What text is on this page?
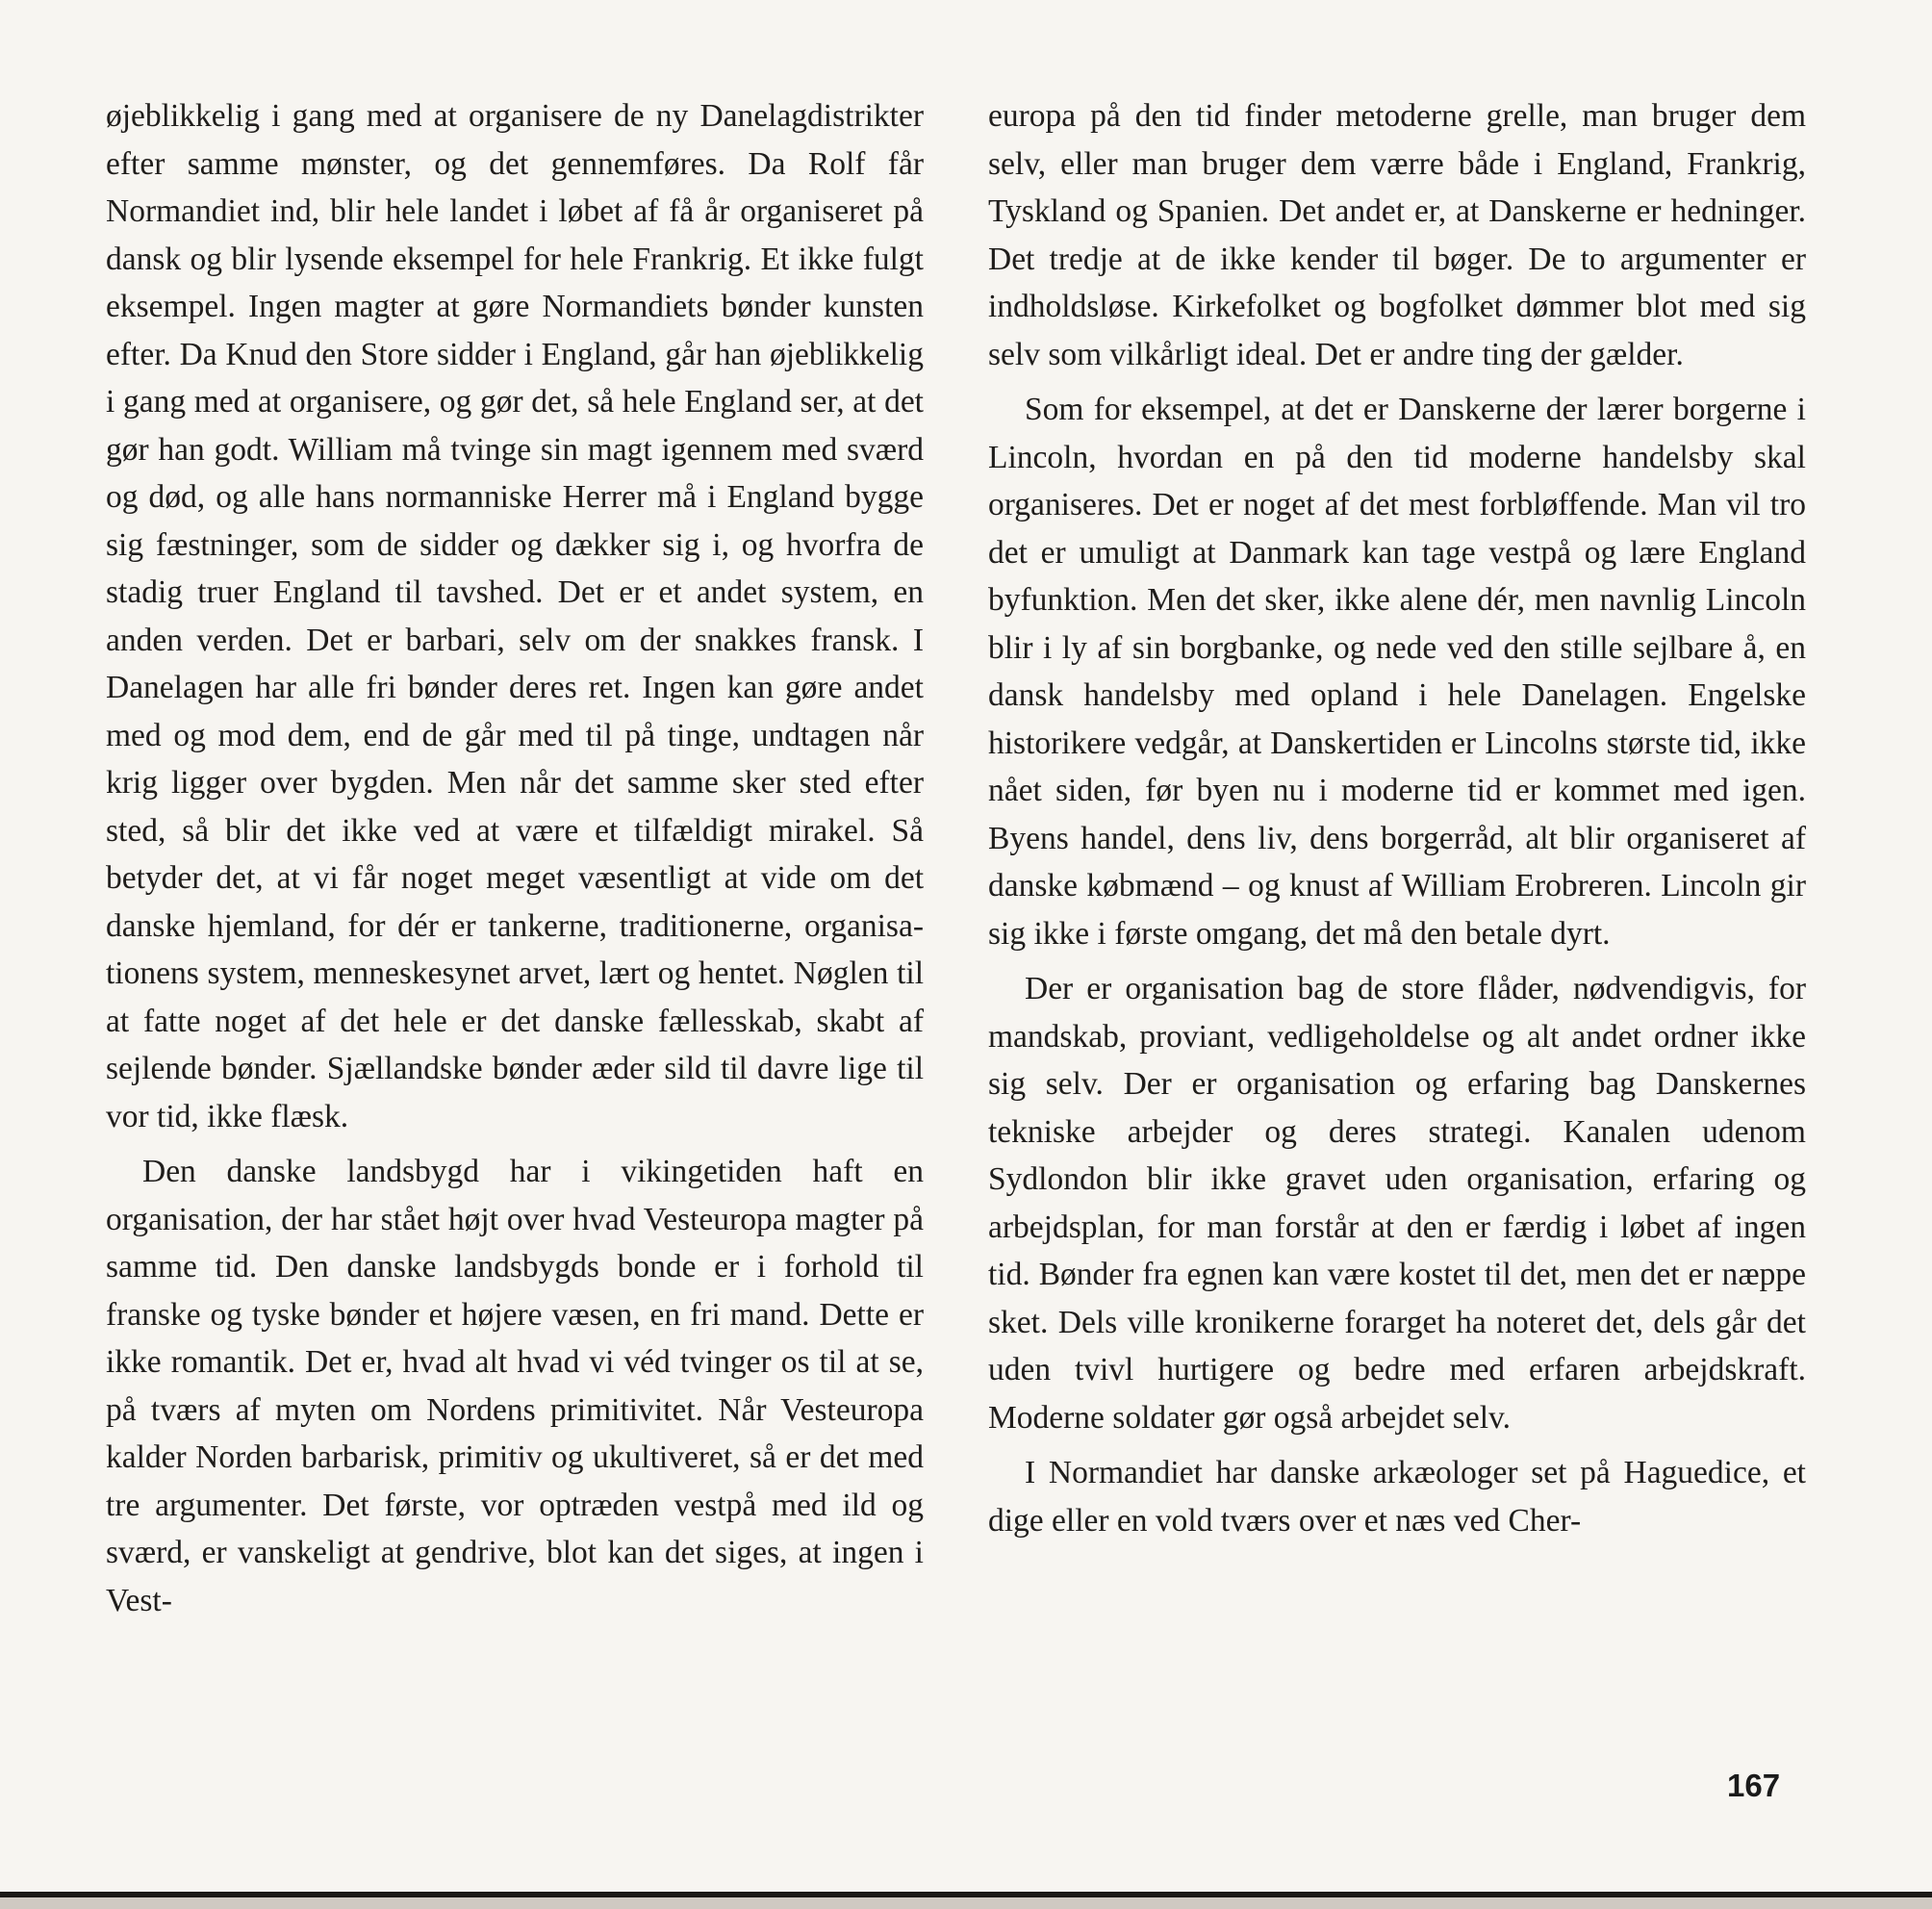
øjeblikkelig i gang med at organisere de ny Danelagdistrikter efter samme mønster, og det gennemføres. Da Rolf får Normandiet ind, blir hele landet i løbet af få år organiseret på dansk og blir lysende eksempel for hele Frankrig. Et ikke fulgt eksempel. Ingen magter at gøre Normandiets bønder kunsten efter. Da Knud den Store sidder i England, går han øjeblikkelig i gang med at organisere, og gør det, så hele England ser, at det gør han godt. William må tvinge sin magt igennem med sværd og død, og alle hans normanniske Herrer må i England bygge sig fæstninger, som de sidder og dækker sig i, og hvorfra de stadig truer England til tavshed. Det er et andet system, en anden verden. Det er barbari, selv om der snakkes fransk. I Danelagen har alle fri bønder deres ret. Ingen kan gøre andet med og mod dem, end de går med til på tinge, undtagen når krig ligger over bygden. Men når det samme sker sted efter sted, så blir det ikke ved at være et tilfældigt mirakel. Så betyder det, at vi får noget meget væsentligt at vide om det danske hjemland, for dér er tankerne, traditionerne, organisationens system, menneskesynet arvet, lært og hentet. Nøglen til at fatte noget af det hele er det danske fællesskab, skabt af sejlende bønder. Sjællandske bønder æder sild til davre lige til vor tid, ikke flæsk.

Den danske landsbygd har i vikingetiden haft en organisation, der har stået højt over hvad Vesteuropa magter på samme tid. Den danske landsbygds bonde er i forhold til franske og tyske bønder et højere væsen, en fri mand. Dette er ikke romantik. Det er, hvad alt hvad vi véd tvinger os til at se, på tværs af myten om Nordens primitivitet. Når Vesteuropa kalder Norden barbarisk, primitiv og ukultiveret, så er det med tre argumenter. Det første, vor optræden vestpå med ild og sværd, er vanskeligt at gendrive, blot kan det siges, at ingen i Vest-

europa på den tid finder metoderne grelle, man bruger dem selv, eller man bruger dem værre både i England, Frankrig, Tyskland og Spanien. Det andet er, at Danskerne er hedninger. Det tredje at de ikke kender til bøger. De to argumenter er indholdsløse. Kirkefolket og bogfolket dømmer blot med sig selv som vilkårligt ideal. Det er andre ting der gælder.

Som for eksempel, at det er Danskerne der lærer borgerne i Lincoln, hvordan en på den tid moderne handelsby skal organiseres. Det er noget af det mest forbløffende. Man vil tro det er umuligt at Danmark kan tage vestpå og lære England byfunktion. Men det sker, ikke alene dér, men navnlig Lincoln blir i ly af sin borgbanke, og nede ved den stille sejlbare å, en dansk handelsby med opland i hele Danelagen. Engelske historikere vedgår, at Danskertiden er Lincolns største tid, ikke nået siden, før byen nu i moderne tid er kommet med igen. Byens handel, dens liv, dens borgerråd, alt blir organiseret af danske købmænd – og knust af William Erobreren. Lincoln gir sig ikke i første omgang, det må den betale dyrt.

Der er organisation bag de store flåder, nødvendigvis, for mandskab, proviant, vedligeholdelse og alt andet ordner ikke sig selv. Der er organisation og erfaring bag Danskernes tekniske arbejder og deres strategi. Kanalen udenom Sydlondon blir ikke gravet uden organisation, erfaring og arbejdsplan, for man forstår at den er færdig i løbet af ingen tid. Bønder fra egnen kan være kostet til det, men det er næppe sket. Dels ville kronikerne forarget ha noteret det, dels går det uden tvivl hurtigere og bedre med erfaren arbejdskraft. Moderne soldater gør også arbejdet selv.

I Normandiet har danske arkæologer set på Haguedice, et dige eller en vold tværs over et næs ved Cher-

167
